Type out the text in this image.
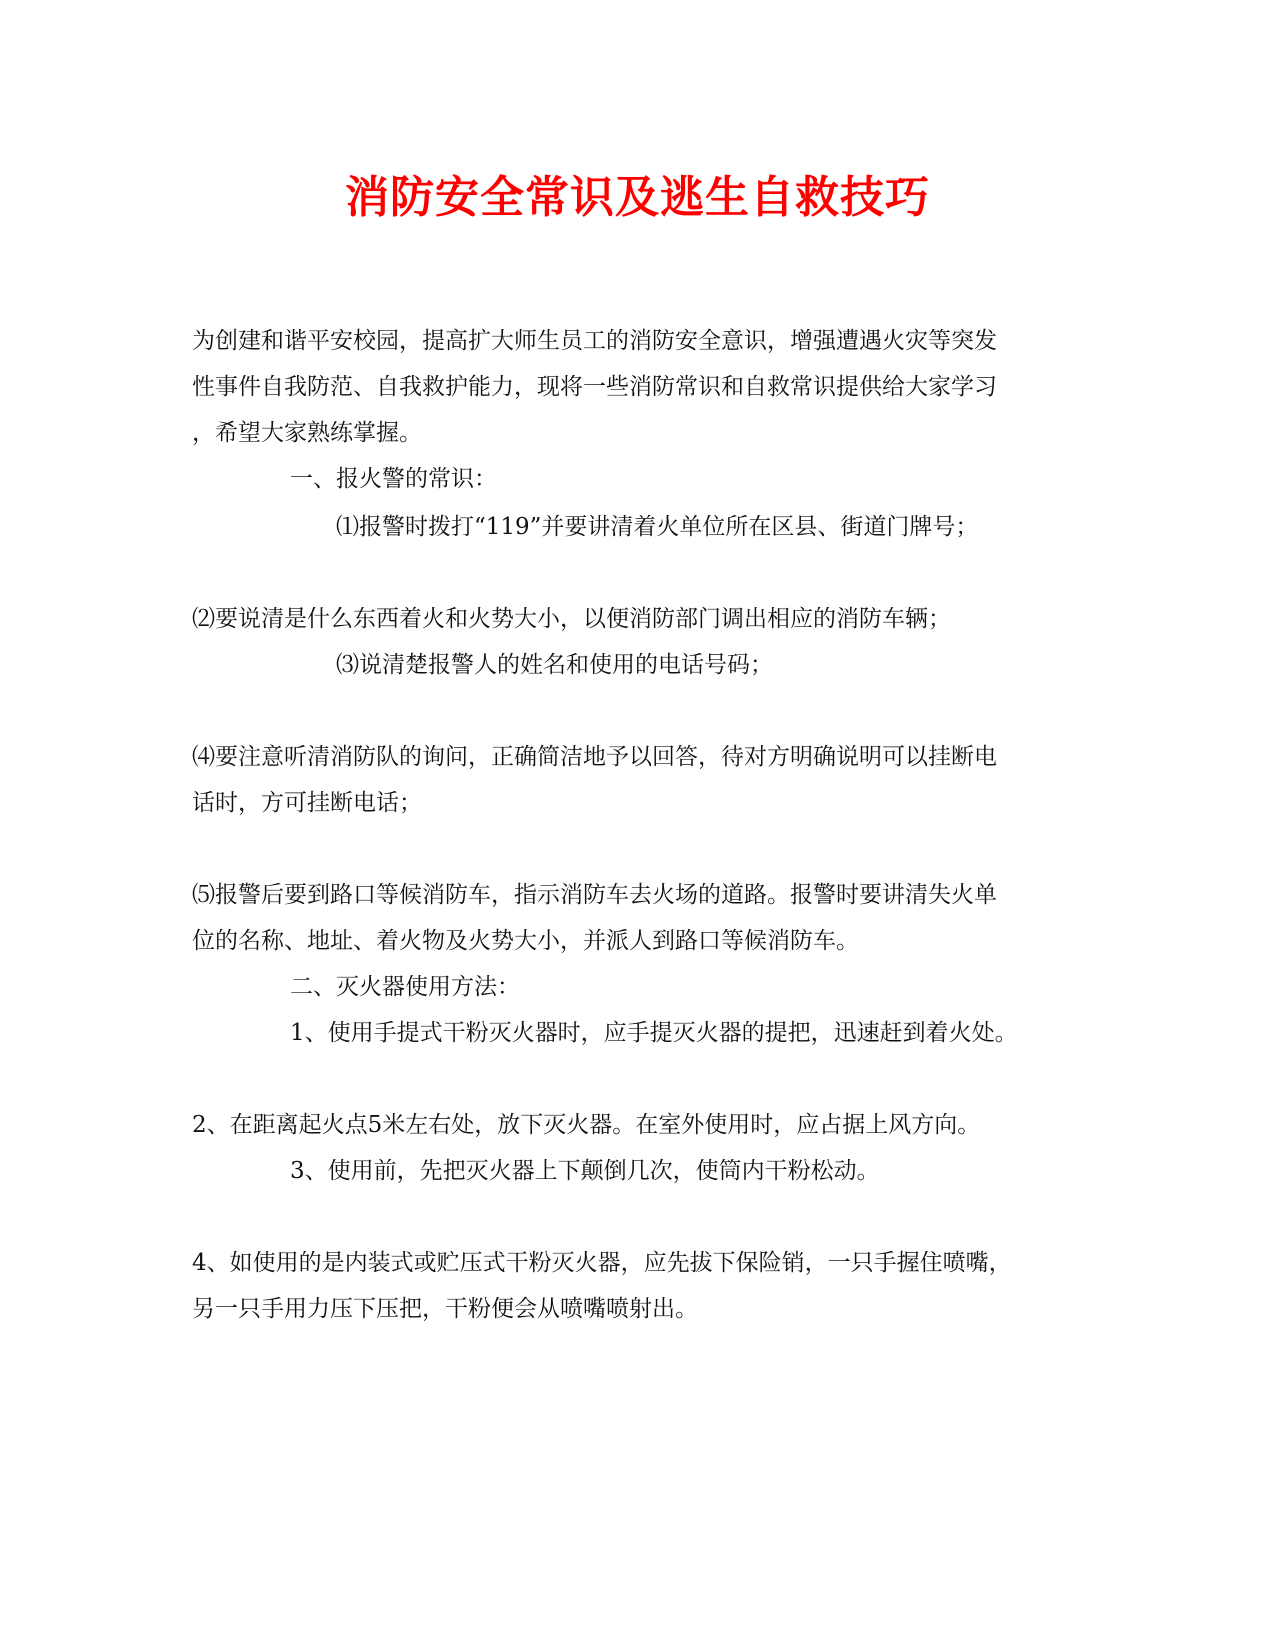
消防安全常识及逃生自救技巧
为创建和谐平安校园，提高扩大师生员工的消防安全意识，增强遭遇火灾等突发
性事件自我防范、自我救护能力，现将一些消防常识和自救常识提供给大家学习
，希望大家熟练掌握。
一、报火警的常识：
⑴报警时拨打“119”并要讲清着火单位所在区县、街道门牌号；
⑵要说清是什么东西着火和火势大小，以便消防部门调出相应的消防车辆；
⑶说清楚报警人的姓名和使用的电话号码；
⑷要注意听清消防队的询问，正确简洁地予以回答，待对方明确说明可以挂断电
话时，方可挂断电话；
⑸报警后要到路口等候消防车，指示消防车去火场的道路。报警时要讲清失火单
位的名称、地址、着火物及火势大小，并派人到路口等候消防车。
二、灭火器使用方法：
1、使用手提式干粉灭火器时，应手提灭火器的提把，迅速赶到着火处。
2、在距离起火点5米左右处，放下灭火器。在室外使用时，应占据上风方向。
3、使用前，先把灭火器上下颠倒几次，使筒内干粉松动。
4、如使用的是内装式或贮压式干粉灭火器，应先拔下保险销，一只手握住喷嘴，
另一只手用力压下压把，干粉便会从喷嘴喷射出。
